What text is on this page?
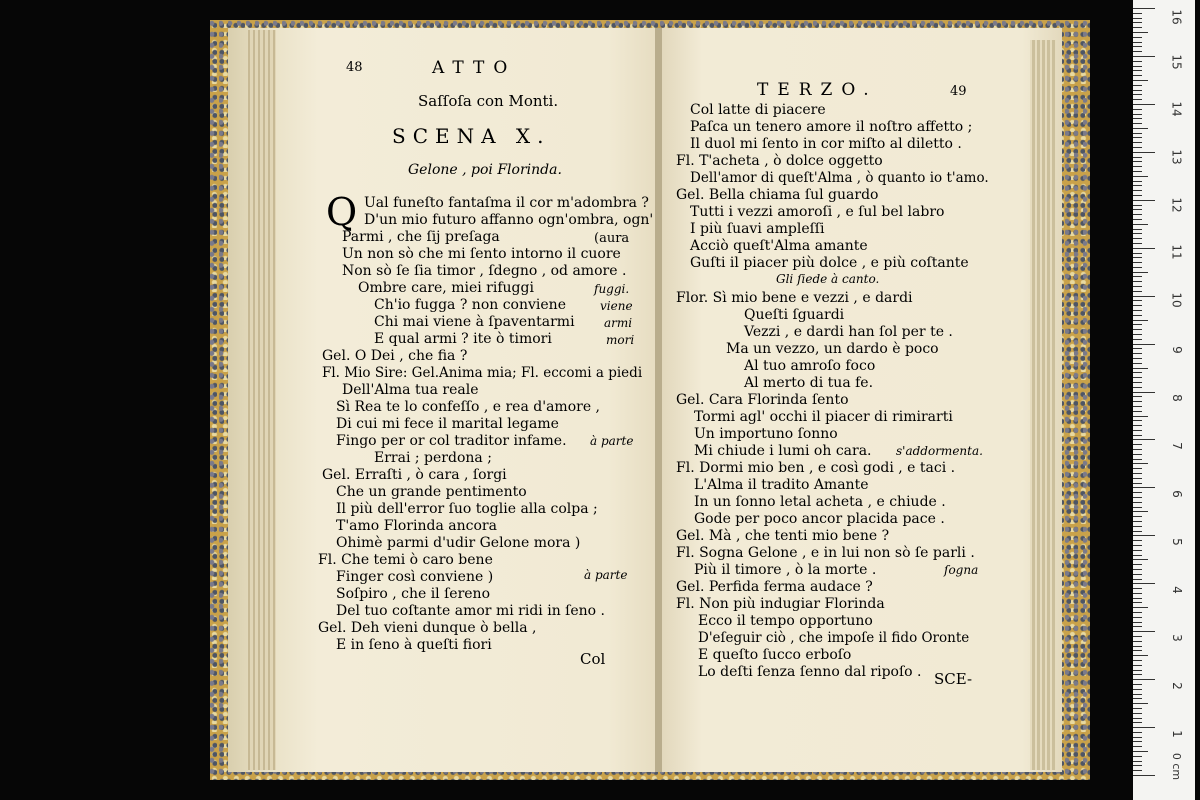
48	ATTO
Saſſoſa con Monti.
SCENA X.
Gelone , poi Florinda.
Q Ual funeſto fantaſma il cor m'adombra ?
D'un mio futuro affanno ogn'ombra, ogn'
Parmi , che ſij preſaga
Un non sò che mi ſento intorno il cuore
Non sò ſe ſia timor , ſdegno , od amore .
Ombre care, miei rifuggi
Ch'io fugga ? non conviene
Chi mai viene à ſpaventarmi
E qual armi ? ite ò timori
Gel. O Dei , che fia ?
Fl. Mio Sire: Gel.Anima mia; Fl. eccomi a piedi
Dell'Alma tua reale
Sì Rea te lo confeſſo , e rea d'amore ,
Di cui mi fece il marital legame
Fingo per or col traditor infame.
Errai ; perdona ;
Gel. Erraſti , ò cara , ſorgi
Che un grande pentimento
Il più dell'error ſuo toglie alla colpa ;
T'amo Florinda ancora
Ohimè parmi d'udir Gelone mora )
Fl. Che temi ò caro bene
Finger così conviene )
Soſpiro , che il ſereno
Del tuo coſtante amor mi ridi in ſeno .
Gel. Deh vieni dunque ò bella ,
E in ſeno à queſti fiori
(aura
fuggi.
viene
armi
mori
à parte
à parte
Col
TERZO.	49
Col latte di piacere
Paſca un tenero amore il noſtro affetto ;
Il duol mi ſento in cor miſto al diletto .
Fl. T'acheta , ò dolce oggetto
Dell'amor di queſt'Alma , ò quanto io t'amo.
Gel. Bella chiama ſul guardo
Tutti i vezzi amoroſi , e ſul bel labro
I più ſuavi ampleſſi
Acciò queſt'Alma amante
Guſti il piacer più dolce , e più coſtante
Gli ſiede à canto.
Flor. Sì mio bene e vezzi , e dardi
Queſti ſguardi
Vezzi , e dardi han ſol per te .
Ma un vezzo, un dardo è poco
Al tuo amroſo foco
Al merto di tua fe.
Gel. Cara Florinda ſento
Tormi agl' occhi il piacer di rimirarti
Un importuno ſonno
Mi chiude i lumi oh cara. s'addormenta.
Fl. Dormi mio ben , e così godi , e taci .
L'Alma il tradito Amante
In un ſonno letal acheta , e chiude .
Gode per poco ancor placida pace .
Gel. Mà , che tenti mio bene ?
Fl. Sogna Gelone , e in lui non sò ſe parli .
Più il timore , ò la morte .	ſogna
Gel. Perfida ferma audace ?
Fl. Non più indugiar Florinda
Ecco il tempo opportuno
D'eſeguir ciò , che impoſe il fido Oronte
E queſto ſucco erboſo
Lo deſti ſenza ſenno dal ripoſo . SCE-
16
15
14
13
12
11
10
9
8
7
6
5
4
3
2
1
0 cm
